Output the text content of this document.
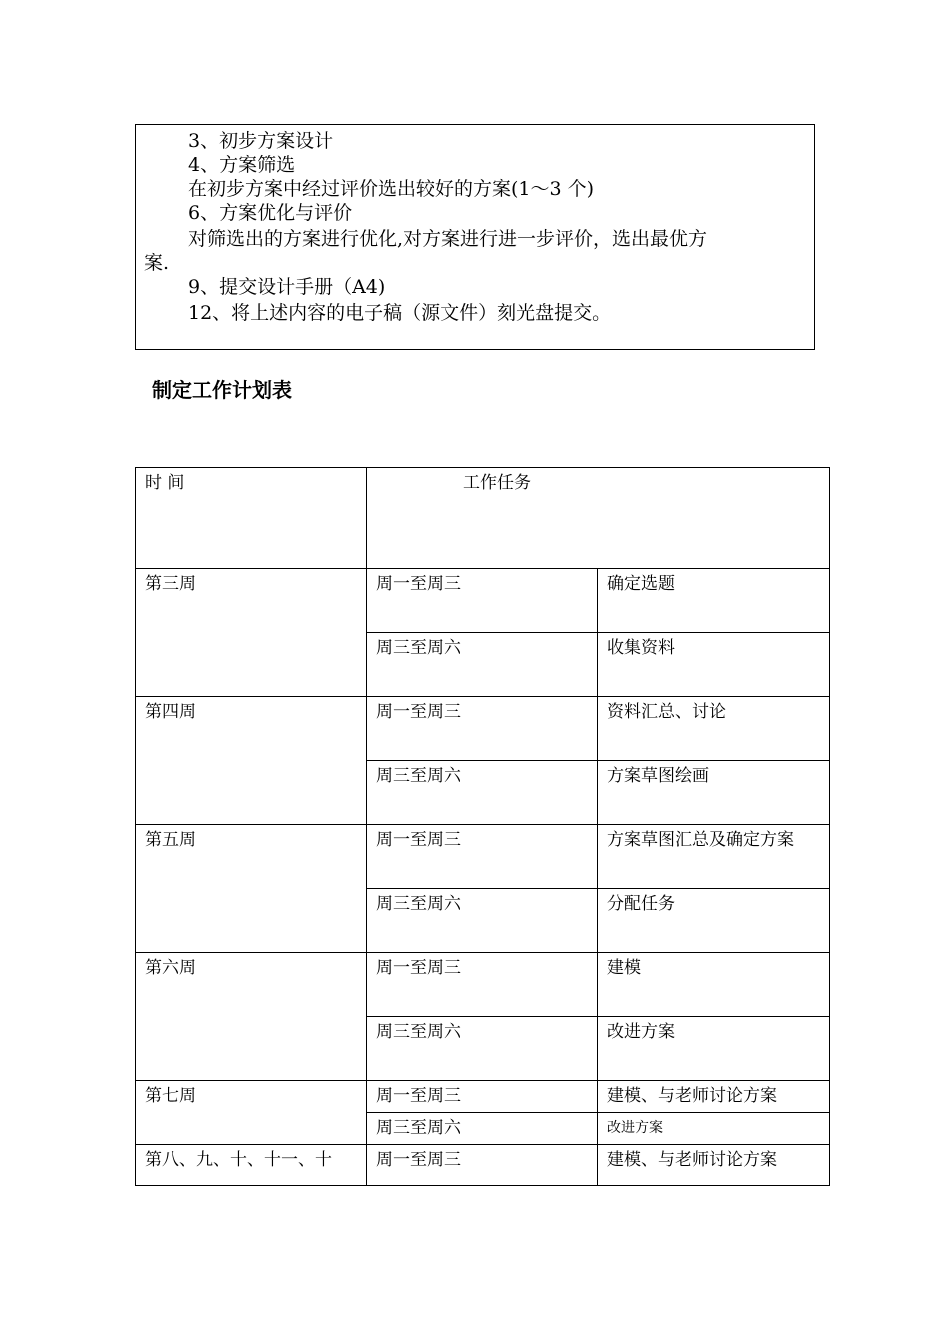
3、初步方案设计
4、方案筛选
在初步方案中经过评价选出较好的方案(1～3 个)
6、方案优化与评价
对筛选出的方案进行优化,对方案进行进一步评价，选出最优方
案.
9、提交设计手册（A4)
12、将上述内容的电子稿（源文件）刻光盘提交。
制定工作计划表
时 间	工作任务	
第三周	周一至周三	确定选题
	周三至周六	收集资料
第四周	周一至周三	资料汇总、讨论
	周三至周六	方案草图绘画
第五周	周一至周三	方案草图汇总及确定方案
	周三至周六	分配任务
第六周	周一至周三	建模
	周三至周六	改进方案
第七周	周一至周三	建模、与老师讨论方案
	周三至周六	改进方案
第八、九、十、十一、十	周一至周三	建模、与老师讨论方案
